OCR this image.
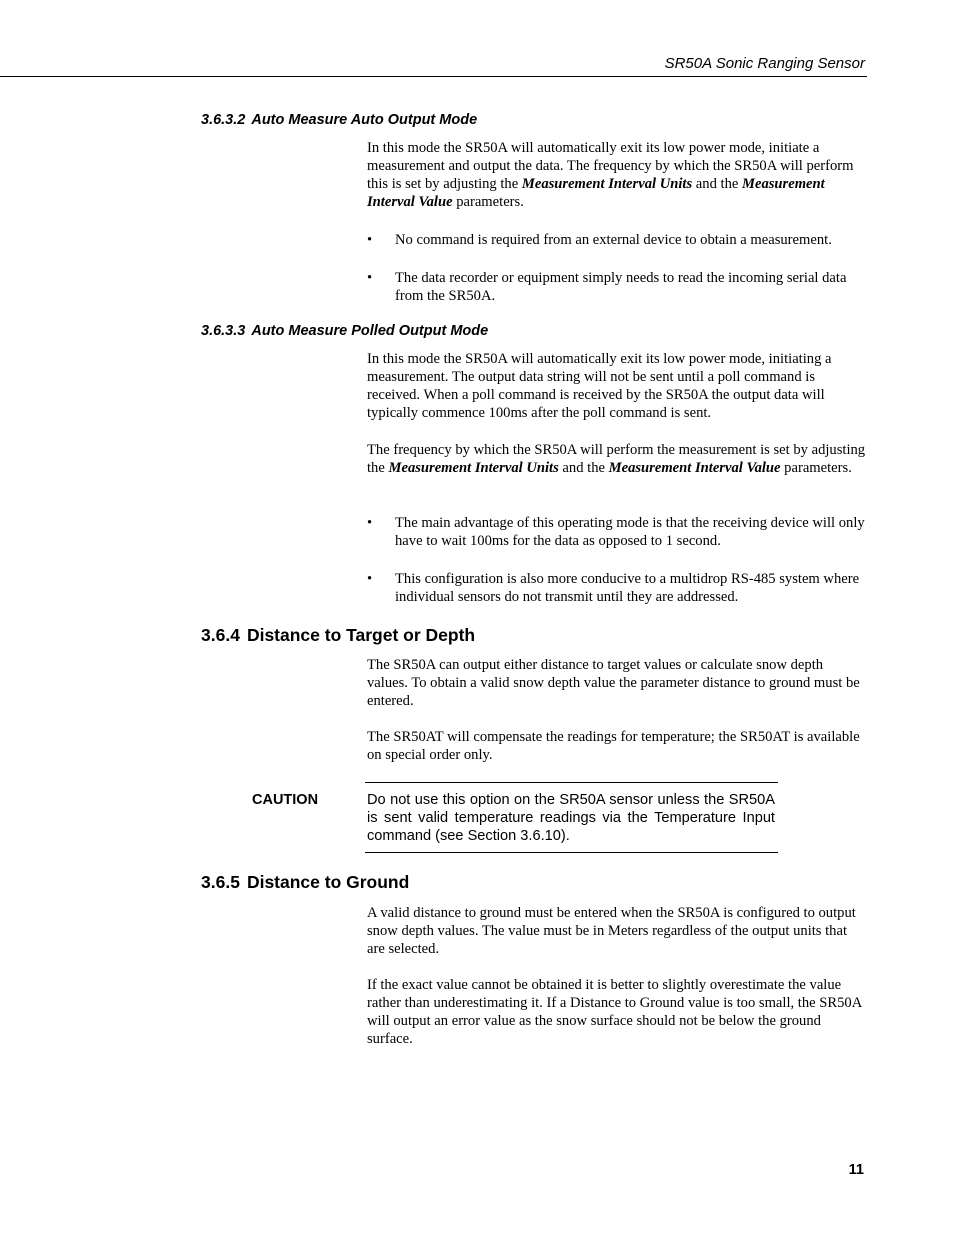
SR50A Sonic Ranging Sensor
3.6.3.2 Auto Measure Auto Output Mode
In this mode the SR50A will automatically exit its low power mode, initiate a measurement and output the data. The frequency by which the SR50A will perform this is set by adjusting the Measurement Interval Units and the Measurement Interval Value parameters.
•	No command is required from an external device to obtain a measurement.
•	The data recorder or equipment simply needs to read the incoming serial data from the SR50A.
3.6.3.3 Auto Measure Polled Output Mode
In this mode the SR50A will automatically exit its low power mode, initiating a measurement. The output data string will not be sent until a poll command is received. When a poll command is received by the SR50A the output data will typically commence 100ms after the poll command is sent.
The frequency by which the SR50A will perform the measurement is set by adjusting the Measurement Interval Units and the Measurement Interval Value parameters.
•	The main advantage of this operating mode is that the receiving device will only have to wait 100ms for the data as opposed to 1 second.
•	This configuration is also more conducive to a multidrop RS-485 system where individual sensors do not transmit until they are addressed.
3.6.4 Distance to Target or Depth
The SR50A can output either distance to target values or calculate snow depth values. To obtain a valid snow depth value the parameter distance to ground must be entered.
The SR50AT will compensate the readings for temperature; the SR50AT is available on special order only.
CAUTION	Do not use this option on the SR50A sensor unless the SR50A is sent valid temperature readings via the Temperature Input command (see Section 3.6.10).
3.6.5 Distance to Ground
A valid distance to ground must be entered when the SR50A is configured to output snow depth values. The value must be in Meters regardless of the output units that are selected.
If the exact value cannot be obtained it is better to slightly overestimate the value rather than underestimating it. If a Distance to Ground value is too small, the SR50A will output an error value as the snow surface should not be below the ground surface.
11
